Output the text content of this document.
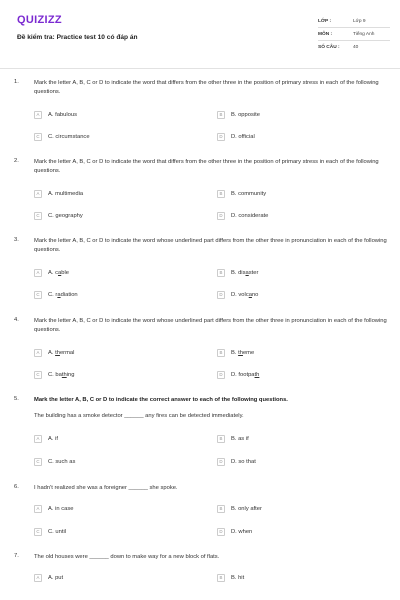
QUIZIZZ
Đề kiểm tra: Practice test 10 có đáp án
LỚP :	Lớp 9
MÔN :	Tiếng Anh
SỐ CÂU :	40
1.	Mark the letter A, B, C or D to indicate the word that differs from the other three in the position of primary stress in each of the following questions.
A	A. fabulous	B	B. opposite
C	C. circumstance	D	D. official
2.	Mark the letter A, B, C or D to indicate the word that differs from the other three in the position of primary stress in each of the following questions.
A	A. multimedia	B	B. community
C	C. geography	D	D. considerate
3.	Mark the letter A, B, C or D to indicate the word whose underlined part differs from the other three in pronunciation in each of the following questions.
A	A. cable	B	B. disaster
C	C. radiation	D	D. volcano
4.	Mark the letter A, B, C or D to indicate the word whose underlined part differs from the other three in pronunciation in each of the following questions.
A	A. thermal	B	B. theme
C	C. bathing	D	D. footpath
5.	Mark the letter A, B, C or D to indicate the correct answer to each of the following questions.
The building has a smoke detector ______ any fires can be detected immediately.
A	A. if	B	B. as if
C	C. such as	D	D. so that
6.	I hadn't realized she was a foreigner ______ she spoke.
A	A. in case	B	B. only after
C	C. until	D	D. when
7.	The old houses were ______ down to make way for a new block of flats.
A	A. put	B	B. hit
